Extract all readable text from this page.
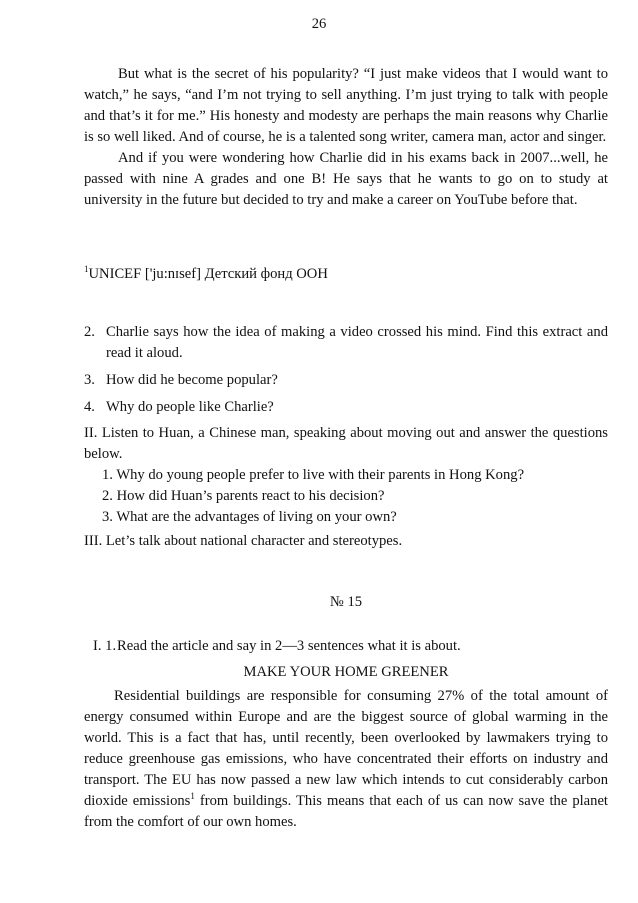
26

But what is the secret of his popularity? “I just make videos that I would want to watch,” he says, “and I’m not trying to sell anything. I’m just trying to talk with people and that’s it for me.” His honesty and modesty are perhaps the main reasons why Charlie is so well liked. And of course, he is a talented song writer, camera man, actor and singer.

And if you were wondering how Charlie did in his exams back in 2007...well, he passed with nine A grades and one B! He says that he wants to go on to study at university in the future but decided to try and make a career on YouTube before that.

$^1$UNICEF ['ju:nɪsef] Детский фонд ООН
2. Charlie says how the idea of making a video crossed his mind. Find this extract and read it aloud.
3. How did he become popular?
4. Why do people like Charlie?

II. Listen to Huan, a Chinese man, speaking about moving out and answer the questions below.

1. Why do young people prefer to live with their parents in Hong Kong?

2. How did Huan’s parents react to his decision?

3. What are the advantages of living on your own?

III. Let’s talk about national character and stereotypes.
№ 15
I. 1. Read the article and say in 2—3 sentences what it is about.
MAKE YOUR HOME GREENER

Residential buildings are responsible for consuming 27% of the total amount of energy consumed within Europe and are the biggest source of global warming in the world. This is a fact that has, until recently, been overlooked by lawmakers trying to reduce greenhouse gas emissions, who have concentrated their efforts on industry and transport. The EU has now passed a new law which intends to cut considerably carbon dioxide emissions$^1$ from buildings. This means that each of us can now save the planet from the comfort of our own homes.
